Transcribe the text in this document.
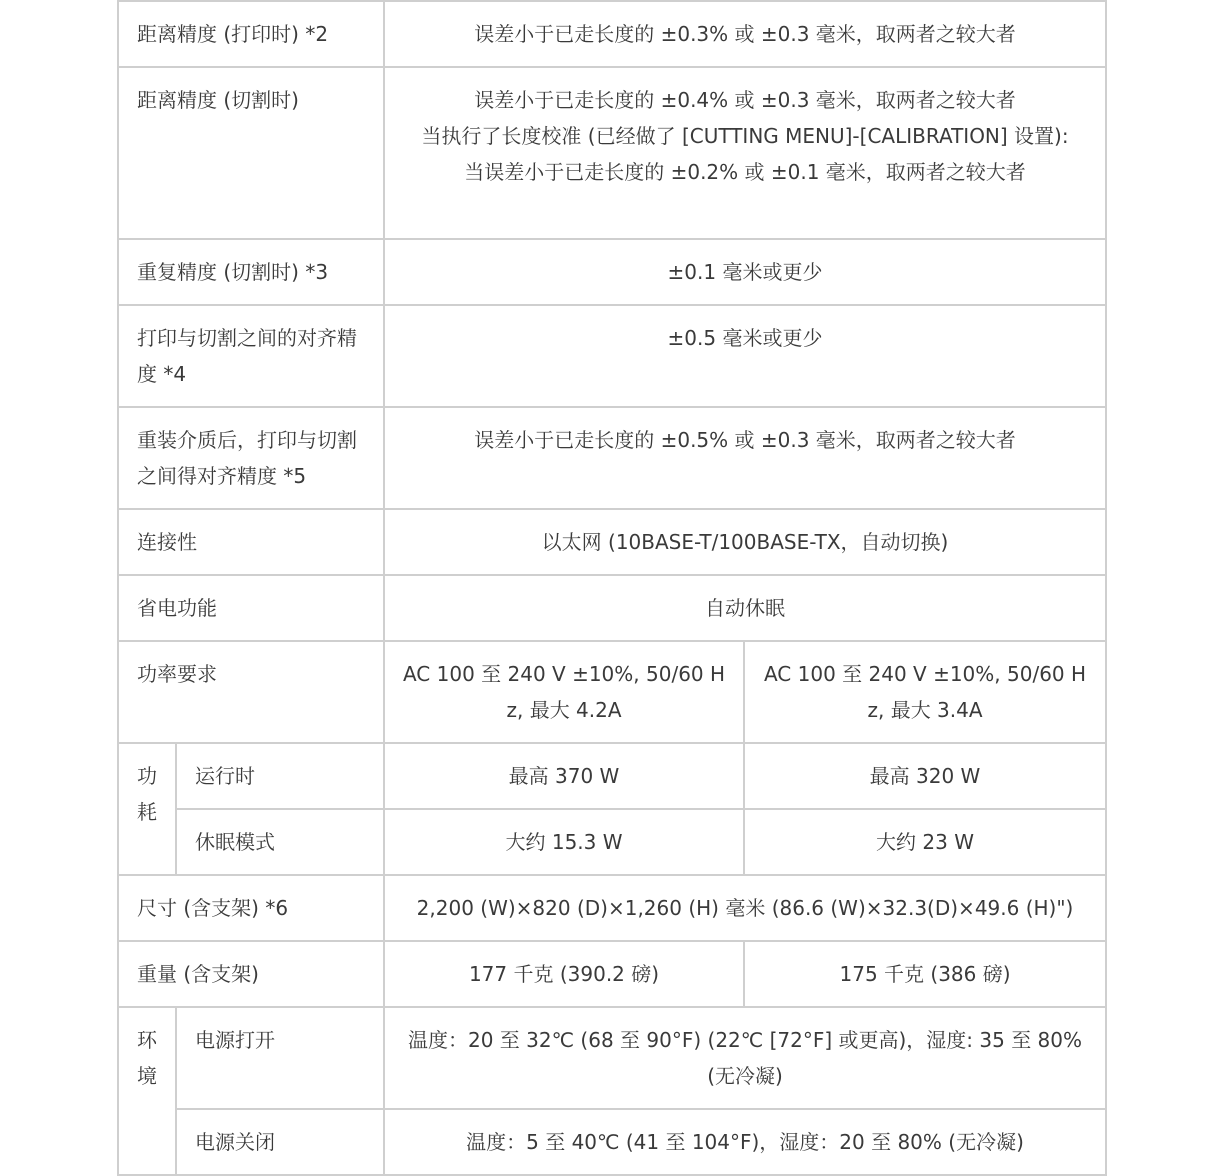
距离精度 (打印时) *2		误差小于已走长度的 ±0.3% 或 ±0.3 毫米，取两者之较大者	
距离精度 (切割时)		误差小于已走长度的 ±0.4% 或 ±0.3 毫米，取两者之较大者
当执行了长度校准 (已经做了 [CUTTING MENU]-[CALIBRATION] 设置):
当误差小于已走长度的 ±0.2% 或 ±0.1 毫米，取两者之较大者	

重复精度 (切割时) *3		±0.1 毫米或更少	
打印与切割之间的对齐精度 *4		±0.5 毫米或更少	
重装介质后，打印与切割之间得对齐精度 *5		误差小于已走长度的 ±0.5% 或 ±0.3 毫米，取两者之较大者	
连接性		以太网 (10BASE-T/100BASE-TX，自动切换)	
省电功能		自动休眠	
功率要求		AC 100 至 240 V ±10%, 50/60 Hz, 最大 4.2A	AC 100 至 240 V ±10%, 50/60 Hz, 最大 3.4A
功耗	运行时	最高 370 W	最高 320 W
	休眠模式	大约 15.3 W	大约 23 W
尺寸 (含支架) *6		2,200 (W)×820 (D)×1,260 (H) 毫米 (86.6 (W)×32.3(D)×49.6 (H)")	
重量 (含支架)		177 千克 (390.2 磅)	175 千克 (386 磅)
环境	电源打开	温度：20 至 32℃ (68 至 90°F) (22℃ [72°F] 或更高)，湿度: 35 至 80% (无冷凝)	
	电源关闭	温度：5 至 40℃ (41 至 104°F)，湿度：20 至 80% (无冷凝)	
